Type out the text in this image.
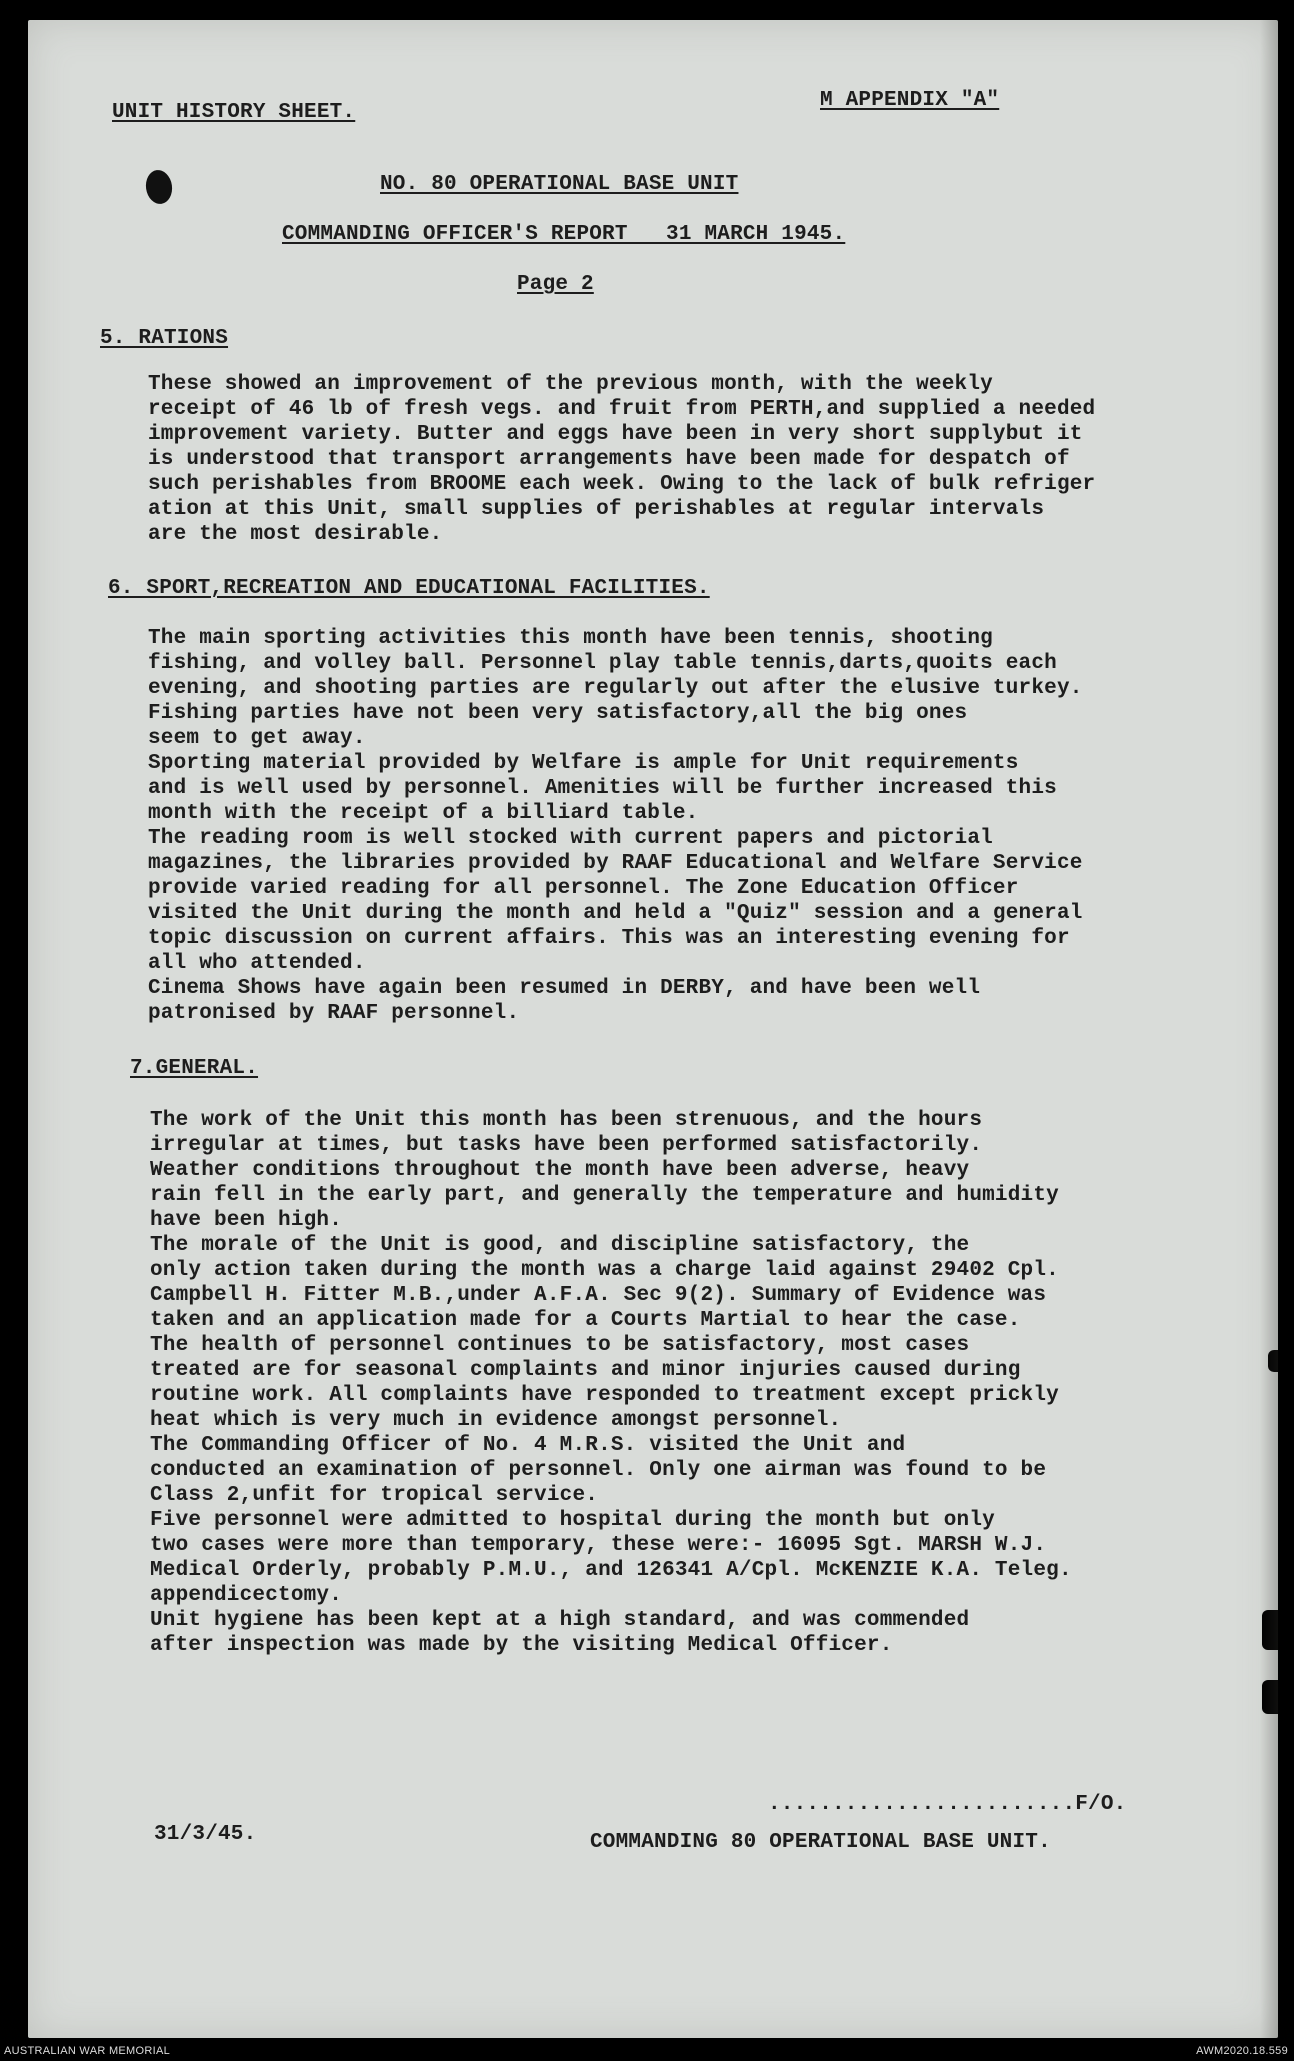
UNIT HISTORY SHEET.
M APPENDIX "A"
NO. 80 OPERATIONAL BASE UNIT
COMMANDING OFFICER'S REPORT   31 MARCH 1945.
Page 2
5. RATIONS
These showed an improvement of the previous month, with the weekly
receipt of 46 lb of fresh vegs. and fruit from PERTH,and supplied a needed
improvement variety. Butter and eggs have been in very short supplybut it
is understood that transport arrangements have been made for despatch of
such perishables from BROOME each week. Owing to the lack of bulk refriger
ation at this Unit, small supplies of perishables at regular intervals
are the most desirable.
6. SPORT,RECREATION AND EDUCATIONAL FACILITIES.
The main sporting activities this month have been tennis, shooting
fishing, and volley ball. Personnel play table tennis,darts,quoits each
evening, and shooting parties are regularly out after the elusive turkey.
Fishing parties have not been very satisfactory,all the big ones
seem to get away.
Sporting material provided by Welfare is ample for Unit requirements
and is well used by personnel. Amenities will be further increased this
month with the receipt of a billiard table.
The reading room is well stocked with current papers and pictorial
magazines, the libraries provided by RAAF Educational and Welfare Service
provide varied reading for all personnel. The Zone Education Officer
visited the Unit during the month and held a "Quiz" session and a general
topic discussion on current affairs. This was an interesting evening for
all who attended.
Cinema Shows have again been resumed in DERBY, and have been well
patronised by RAAF personnel.
7.GENERAL.
The work of the Unit this month has been strenuous, and the hours
irregular at times, but tasks have been performed satisfactorily.
Weather conditions throughout the month have been adverse, heavy
rain fell in the early part, and generally the temperature and humidity
have been high.
The morale of the Unit is good, and discipline satisfactory, the
only action taken during the month was a charge laid against 29402 Cpl.
Campbell H. Fitter M.B.,under A.F.A. Sec 9(2). Summary of Evidence was
taken and an application made for a Courts Martial to hear the case.
The health of personnel continues to be satisfactory, most cases
treated are for seasonal complaints and minor injuries caused during
routine work. All complaints have responded to treatment except prickly
heat which is very much in evidence amongst personnel.
The Commanding Officer of No. 4 M.R.S. visited the Unit and
conducted an examination of personnel. Only one airman was found to be
Class 2,unfit for tropical service.
Five personnel were admitted to hospital during the month but only
two cases were more than temporary, these were:- 16095 Sgt. MARSH W.J.
Medical Orderly, probably P.M.U., and 126341 A/Cpl. McKENZIE K.A. Teleg.
appendicectomy.
Unit hygiene has been kept at a high standard, and was commended
after inspection was made by the visiting Medical Officer.
31/3/45.
........................F/O.
COMMANDING 80 OPERATIONAL BASE UNIT.
AUSTRALIAN WAR MEMORIAL	AWM2020.18.559
